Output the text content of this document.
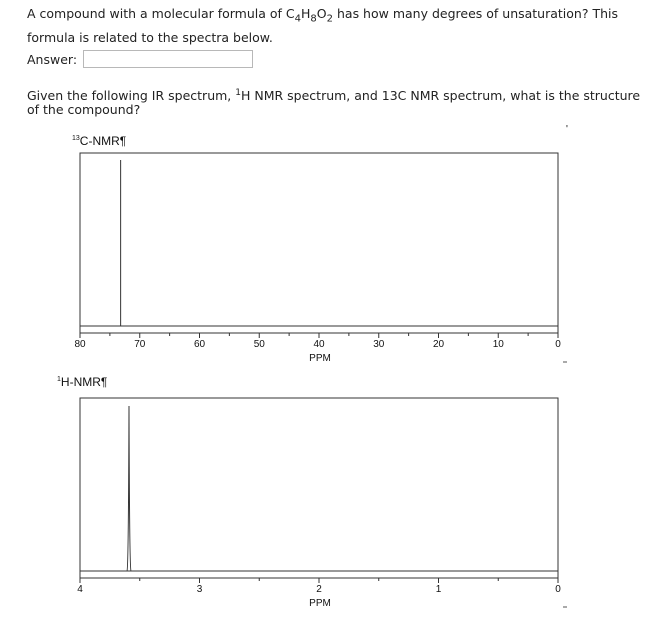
A compound with a molecular formula of $C_4H_8O_2$ has how many degrees of unsaturation? This formula is related to the spectra below.
Answer:
Given the following IR spectrum, $^1$H NMR spectrum, and 13C NMR spectrum, what is the structure of the compound?
$^{13}$C-NMR¶
$^1$H-NMR¶
'
80	70	60	50	40	30	20	10	0
PPM
4	3	2	1	0
PPM
